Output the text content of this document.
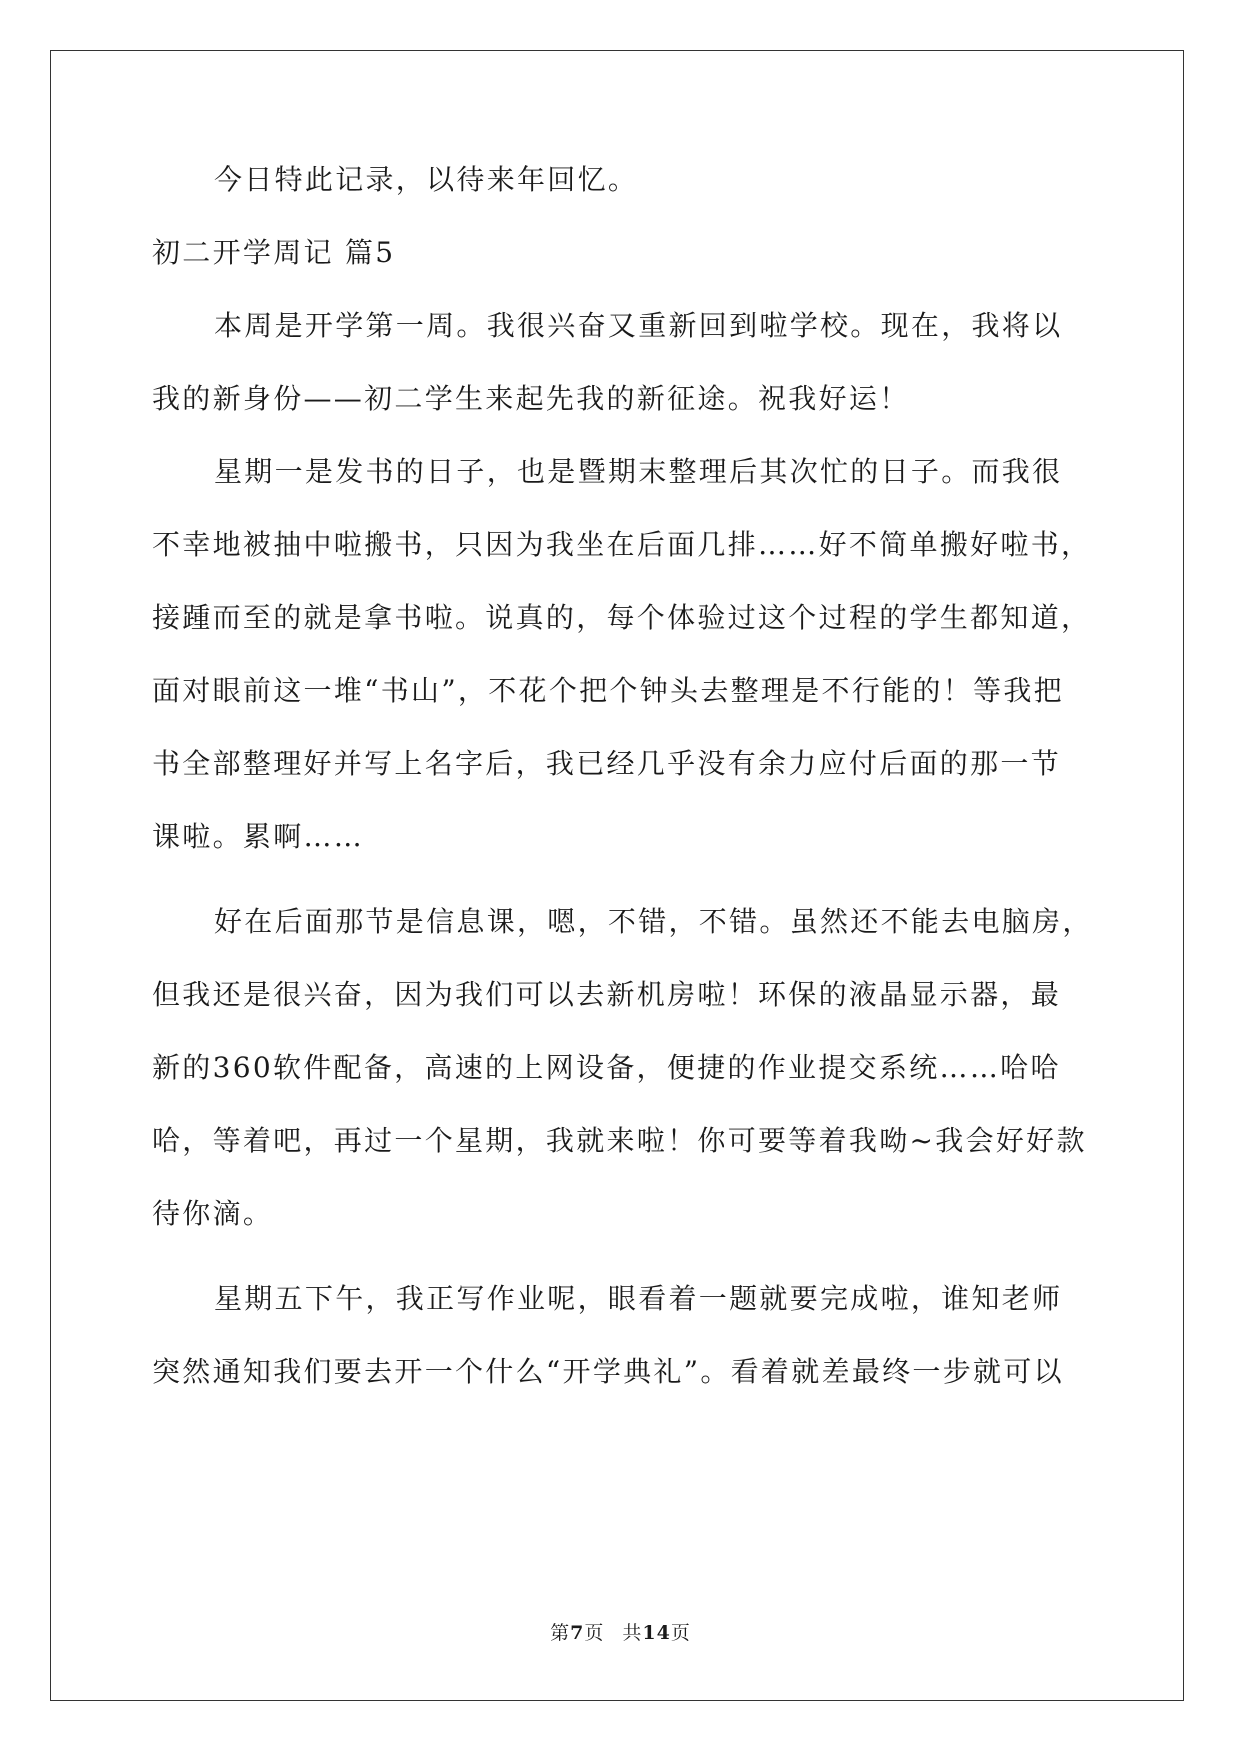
今日特此记录，以待来年回忆。
初二开学周记 篇5
本周是开学第一周。我很兴奋又重新回到啦学校。现在，我将以
我的新身份——初二学生来起先我的新征途。祝我好运！
星期一是发书的日子，也是暨期末整理后其次忙的日子。而我很
不幸地被抽中啦搬书，只因为我坐在后面几排……好不简单搬好啦书，
接踵而至的就是拿书啦。说真的，每个体验过这个过程的学生都知道，
面对眼前这一堆“书山”，不花个把个钟头去整理是不行能的！等我把
书全部整理好并写上名字后，我已经几乎没有余力应付后面的那一节
课啦。累啊……
好在后面那节是信息课，嗯，不错，不错。虽然还不能去电脑房，
但我还是很兴奋，因为我们可以去新机房啦！环保的液晶显示器，最
新的360软件配备，高速的上网设备，便捷的作业提交系统……哈哈
哈，等着吧，再过一个星期，我就来啦！你可要等着我呦~我会好好款
待你滴。
星期五下午，我正写作业呢，眼看着一题就要完成啦，谁知老师
突然通知我们要去开一个什么“开学典礼”。看着就差最终一步就可以
第7页 共14页
